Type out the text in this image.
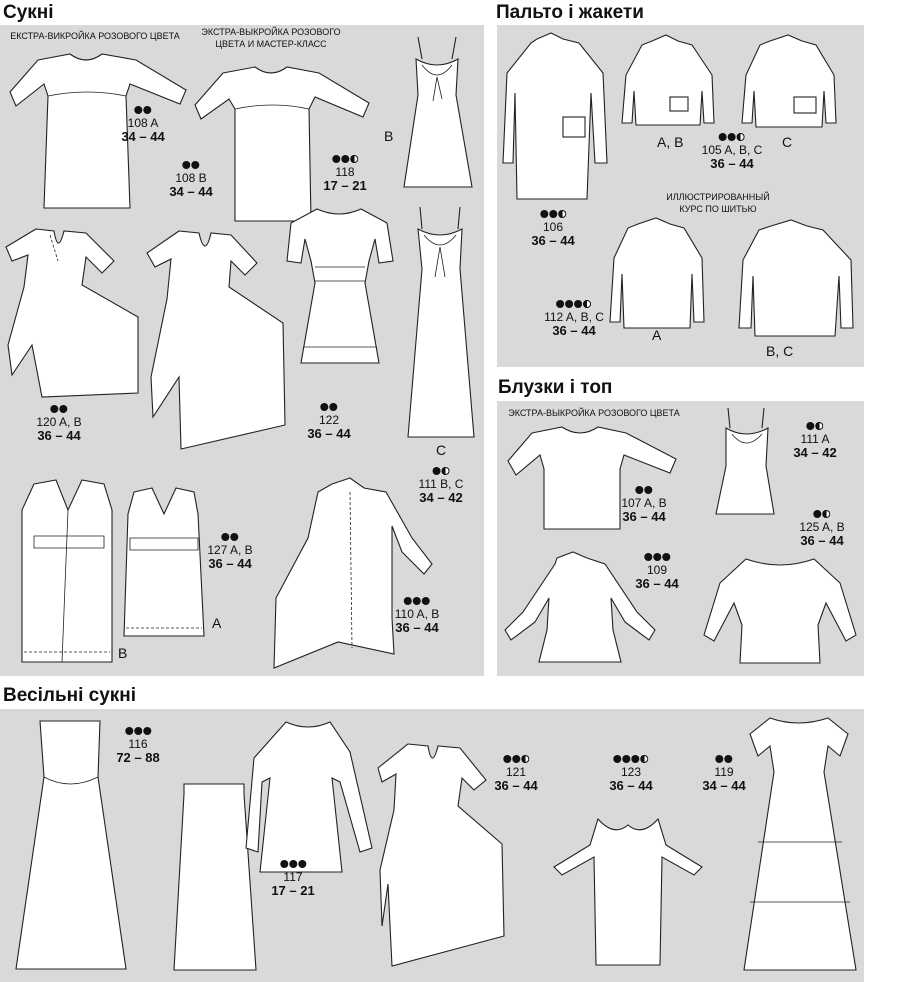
Сукні	Пальто і жакети
Блузки і топ
Весільні сукні
ЕКСТРА-ВИКРОЙКА РОЗОВОГО ЦВЕТА ЭКСТРА-ВЫКРОЙКА РОЗОВОГО
ЦВЕТА И МАСТЕР-КЛАСС
ИЛЛЮСТРИРОВАННЫЙ
КУРС ПО ШИТЬЮ
ЭКСТРА-ВЫКРОЙКА РОЗОВОГО ЦВЕТА
108 A
34 – 44
108 B
34 – 44
118
17 – 21
120 A, B
36 – 44
122
36 – 44
111 B, C
34 – 42
127 A, B
36 – 44
110 A, B
36 – 44
106
36 – 44
105 A, B, C
36 – 44
112 A, B, C
36 – 44
107 A, B
36 – 44
111 A
34 – 42
109
36 – 44
125 A, B
36 – 44
116
72 – 88
117
17 – 21
121
36 – 44
123
36 – 44
119
34 – 44
B
C
A
B
A, B	C
A
B, C
